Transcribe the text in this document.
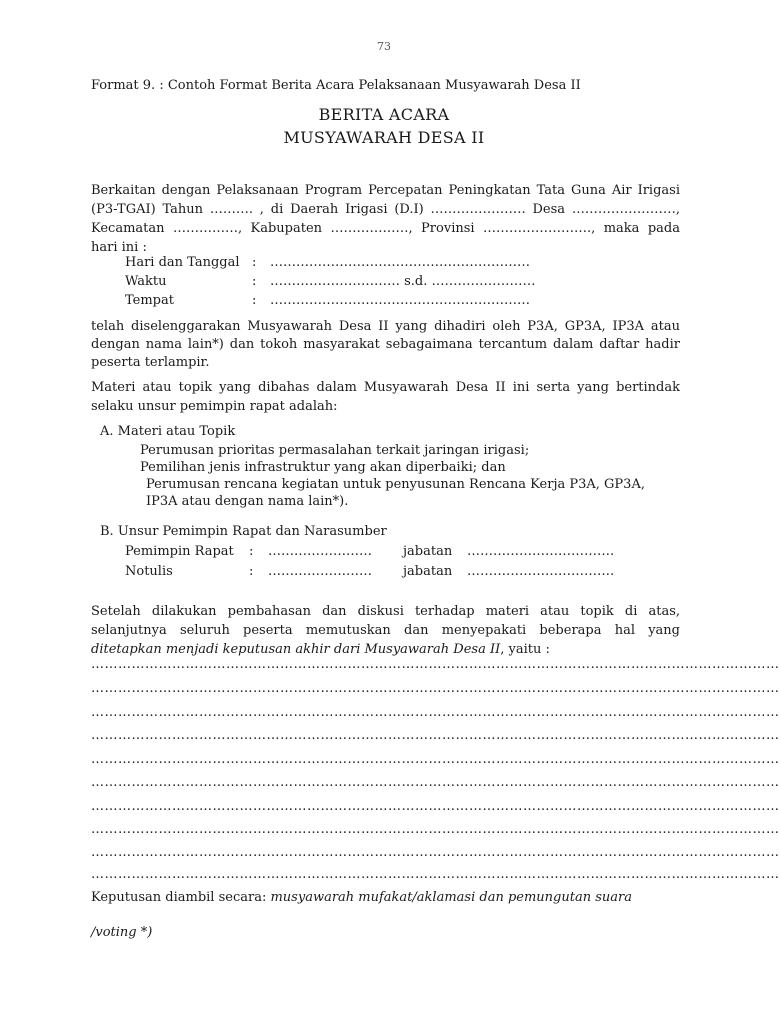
73
Format 9. : Contoh Format Berita Acara Pelaksanaan Musyawarah Desa II
BERITA ACARA
MUSYAWARAH DESA II

Berkaitan dengan Pelaksanaan Program Percepatan Peningkatan Tata Guna Air Irigasi (P3-TGAI) Tahun ………. , di Daerah Irigasi (D.I) …………………. Desa ……………………, Kecamatan ……………, Kabupaten ………………, Provinsi ……………………., maka pada hari ini :

Hari dan Tanggal : ……………………………………………………
Waktu	: ………………………… s.d. ……………………
Tempat	: ……………………………………………………

telah diselenggarakan Musyawarah Desa II yang dihadiri oleh P3A, GP3A, IP3A atau dengan nama lain*) dan tokoh masyarakat sebagaimana tercantum dalam daftar hadir peserta terlampir.

Materi atau topik yang dibahas dalam Musyawarah Desa II ini serta yang bertindak selaku unsur pemimpin rapat adalah:

A. Materi atau Topik
Perumusan prioritas permasalahan terkait jaringan irigasi;
Pemilihan jenis infrastruktur yang akan diperbaiki; dan
Perumusan rencana kegiatan untuk penyusunan Rencana Kerja P3A, GP3A,
IP3A atau dengan nama lain*).
B. Unsur Pemimpin Rapat dan Narasumber
Pemimpin Rapat : …………………… jabatan …………………………….
Notulis	: …………………… jabatan …………………………….

Setelah dilakukan pembahasan dan diskusi terhadap materi atau topik di atas, selanjutnya seluruh peserta memutuskan dan menyepakati beberapa hal yang ditetapkan menjadi keputusan akhir dari Musyawarah Desa II, yaitu :

………………………………………………………………………………………………………………………………………
………………………………………………………………………………………………………………………………………
………………………………………………………………………………………………………………………………………
………………………………………………………………………………………………………………………………………
………………………………………………………………………………………………………………………………………
………………………………………………………………………………………………………………………………………
………………………………………………………………………………………………………………………………………
………………………………………………………………………………………………………………………………………
………………………………………………………………………………………………………………………………………
………………………………………………………………………………………………………………………………………

Keputusan diambil secara: musyawarah mufakat/aklamasi dan pemungutan suara

/voting *)
